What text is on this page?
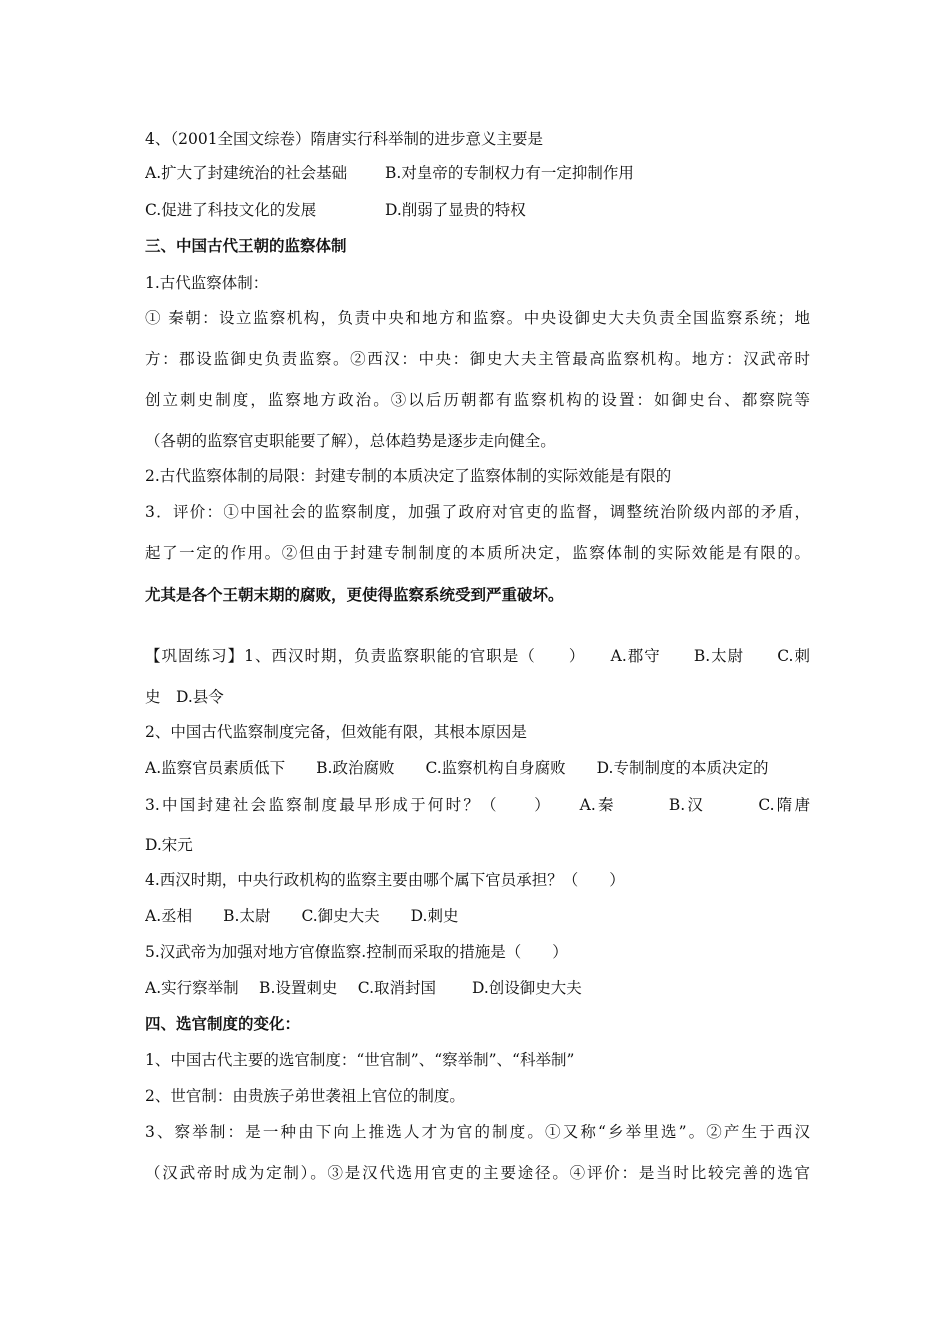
4、（2001全国文综卷）隋唐实行科举制的进步意义主要是
A.扩大了封建统治的社会基础 B.对皇帝的专制权力有一定抑制作用
C.促进了科技文化的发展	D.削弱了显贵的特权
三、中国古代王朝的监察体制
1.古代监察体制：
① 秦朝：设立监察机构，负责中央和地方和监察。中央设御史大夫负责全国监察系统；地
方：郡设监御史负责监察。②西汉：中央：御史大夫主管最高监察机构。地方：汉武帝时
创立刺史制度，监察地方政治。③以后历朝都有监察机构的设置：如御史台、都察院等
（各朝的监察官吏职能要了解），总体趋势是逐步走向健全。
2.古代监察体制的局限：封建专制的本质决定了监察体制的实际效能是有限的
3．评价：①中国社会的监察制度，加强了政府对官吏的监督，调整统治阶级内部的矛盾，
起了一定的作用。②但由于封建专制制度的本质所决定，监察体制的实际效能是有限的。
尤其是各个王朝末期的腐败，更使得监察系统受到严重破坏。
【巩固练习】1、西汉时期，负责监察职能的官职是（　　）　　A.郡守　　B.太尉　　C.刺
史　D.县令
2、中国古代监察制度完备，但效能有限，其根本原因是
A.监察官员素质低下　　B.政治腐败　　C.监察机构自身腐败　　D.专制制度的本质决定的
3.中国封建社会监察制度最早形成于何时？（　　）　　A.秦　　　B.汉　　　C.隋唐
D.宋元
4.西汉时期，中央行政机构的监察主要由哪个属下官员承担？（　　）
A.丞相　　B.太尉　　C.御史大夫　　D.刺史
5.汉武帝为加强对地方官僚监察.控制而采取的措施是（　　）
A.实行察举制　 B.设置刺史　 C.取消封国　　 D.创设御史大夫
四、选官制度的变化：
1、中国古代主要的选官制度：“世官制”、“察举制”、“科举制”
2、世官制：由贵族子弟世袭祖上官位的制度。
3、察举制：是一种由下向上推选人才为官的制度。①又称“乡举里选”。②产生于西汉
（汉武帝时成为定制）。③是汉代选用官吏的主要途径。④评价：是当时比较完善的选官
